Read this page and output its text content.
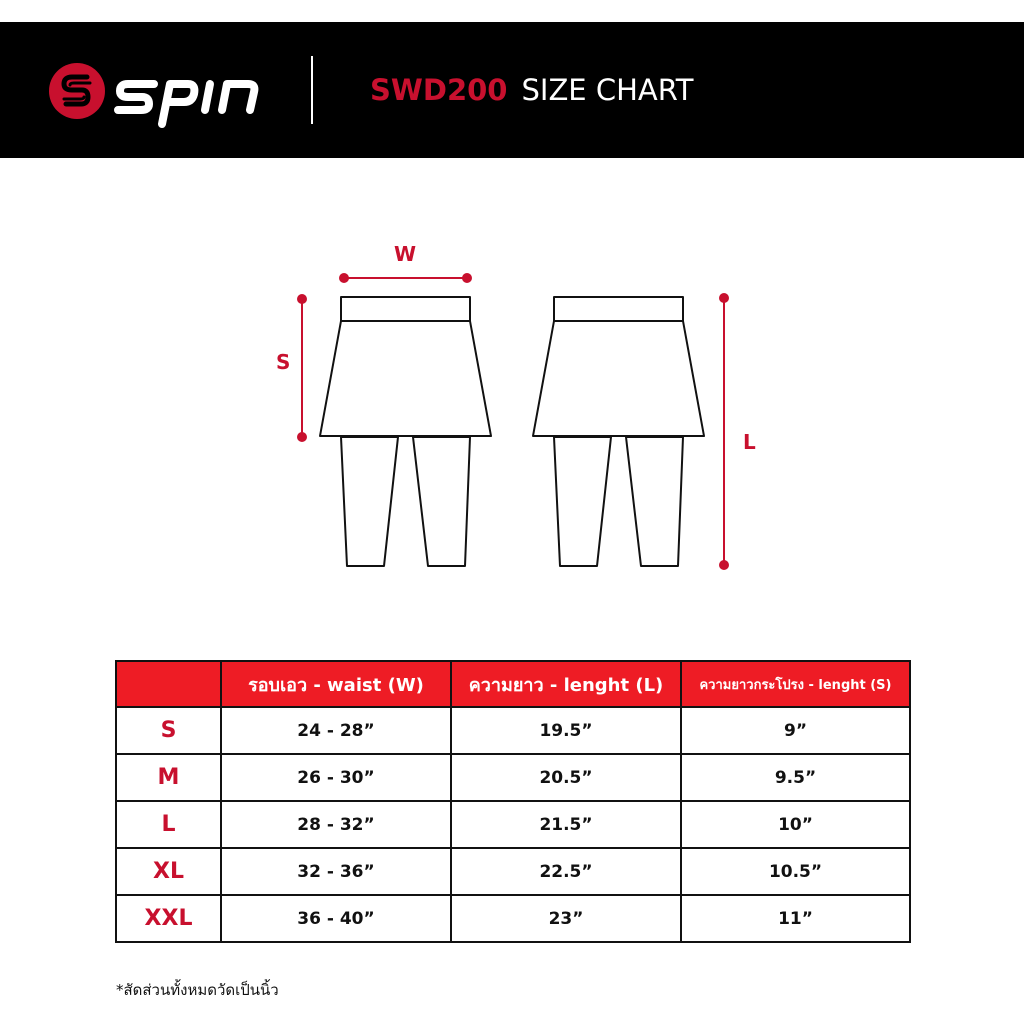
SWD200 SIZE CHART
W
S
L
	รอบเอว - waist (W)	ความยาว - lenght (L)	ความยาวกระโปรง - lenght (S)
S	24 - 28”	19.5”	9”
M	26 - 30”	20.5”	9.5”
L	28 - 32”	21.5”	10”
XL	32 - 36”	22.5”	10.5”
XXL	36 - 40”	23”	11”
*สัดส่วนทั้งหมดวัดเป็นนิ้ว
